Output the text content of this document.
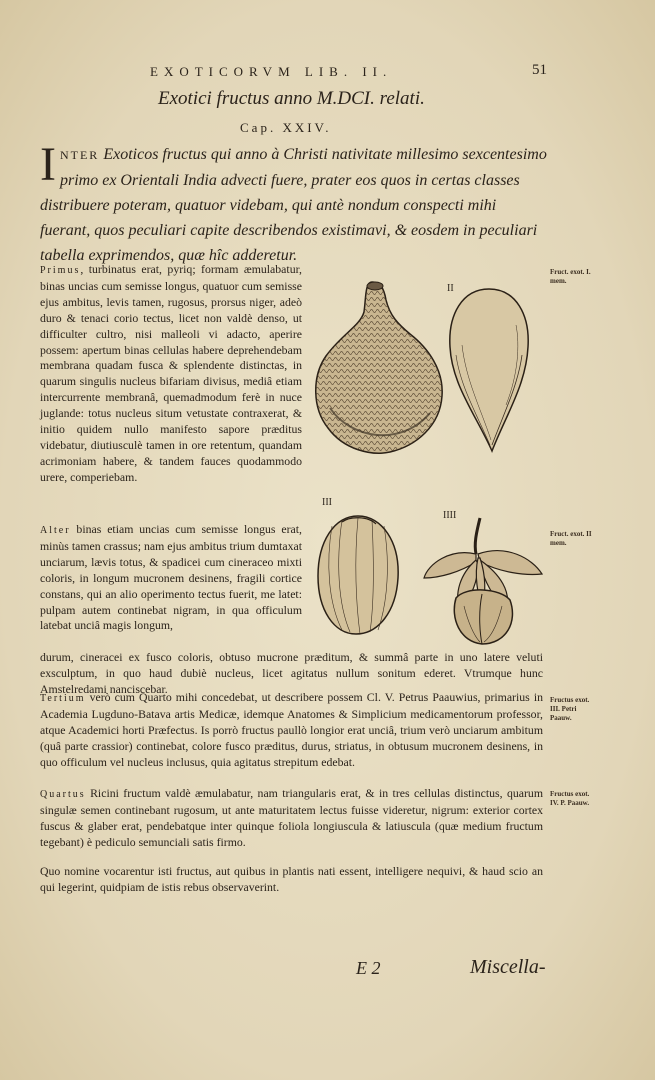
EXOTICORVM LIB. II.	51
Exotici fructus anno M.DCI. relati.
Cap. XXIV.
INTER Exoticos fructus qui anno à Christi nativitate millesimo sexcentesimo primo ex Orientali India advecti fuere, prater eos quos in certas classes distribuere poteram, quatuor videbam, qui antè nondum conspecti mihi fuerant, quos peculiari capite describendos existimavi, & eosdem in peculiari tabella exprimendos, quæ hîc adderetur.
Primus, turbinatus erat, pyriq; formam æmulabatur, binas uncias cum semisse longus, quatuor cum semisse ejus ambitus, levis tamen, rugosus, prorsus niger, adeò duro & tenaci corio tectus, licet non valdè denso, ut difficulter cultro, nisi malleoli vi adacto, aperire possem: apertum binas cellulas habere deprehendebam membrana quadam fusca & splendente distinctas, in quarum singulis nucleus bifariam divisus, mediâ etiam intercurrente membranâ, quemadmodum ferè in nuce juglande: totus nucleus situm vetustate contraxerat, & initio quidem nullo manifesto sapore præditus videbatur, diutiusculè tamen in ore retentum, quandam acrimoniam habere, & tandem fauces quodammodo urere, comperiebam.
Alter binas etiam uncias cum semisse longus erat, minùs tamen crassus; nam ejus ambitus trium dumtaxat unciarum, lævis totus, & spadicei cum cineraceo mixti coloris, in longum mucronem desinens, fragili cortice constans, qui an alio operimento tectus fuerit, me latet: pulpam autem continebat nigram, in qua officulum latebat unciâ magis longum,
durum, cineracei ex fusco coloris, obtuso mucrone præditum, & summâ parte in uno latere veluti exsculptum, in quo haud dubiè nucleus, licet agitatus nullum sonitum ederet. Vtrumque hunc Amstelredami nanciscebar.
Tertium verò cum Quarto mihi concedebat, ut describere possem Cl. V. Petrus Paauwius, primarius in Academia Lugduno-Batava artis Medicæ, idemque Anatomes & Simplicium medicamentorum professor, atque Academici horti Præfectus. Is porrò fructus paullò longior erat unciâ, trium verò unciarum ambitum (quâ parte crassior) continebat, colore fusco præditus, durus, striatus, in obtusum mucronem desinens, in quo officulum vel nucleus inclusus, quia agitatus strepitum edebat.
Quartus Ricini fructum valdè æmulabatur, nam triangularis erat, & in tres cellulas distinctus, quarum singulæ semen continebant rugosum, ut ante maturitatem lectus fuisse videretur, nigrum: exterior cortex fuscus & glaber erat, pendebatque inter quinque foliola longiuscula & latiuscula (quæ medium fructum tegebant) è pediculo semunciali satis firmo.
Quo nomine vocarentur isti fructus, aut quibus in plantis nati essent, intelligere nequivi, & haud scio an qui legerint, quidpiam de istis rebus observaverint.
Fruct. exot. I.
mem.
Fruct. exot. II
mem.
Fructus exot.
III. Petri
Paauw.
Fructus exot.
IV. P. Paauw.
II
III
IIII
E 2	Miscella-
